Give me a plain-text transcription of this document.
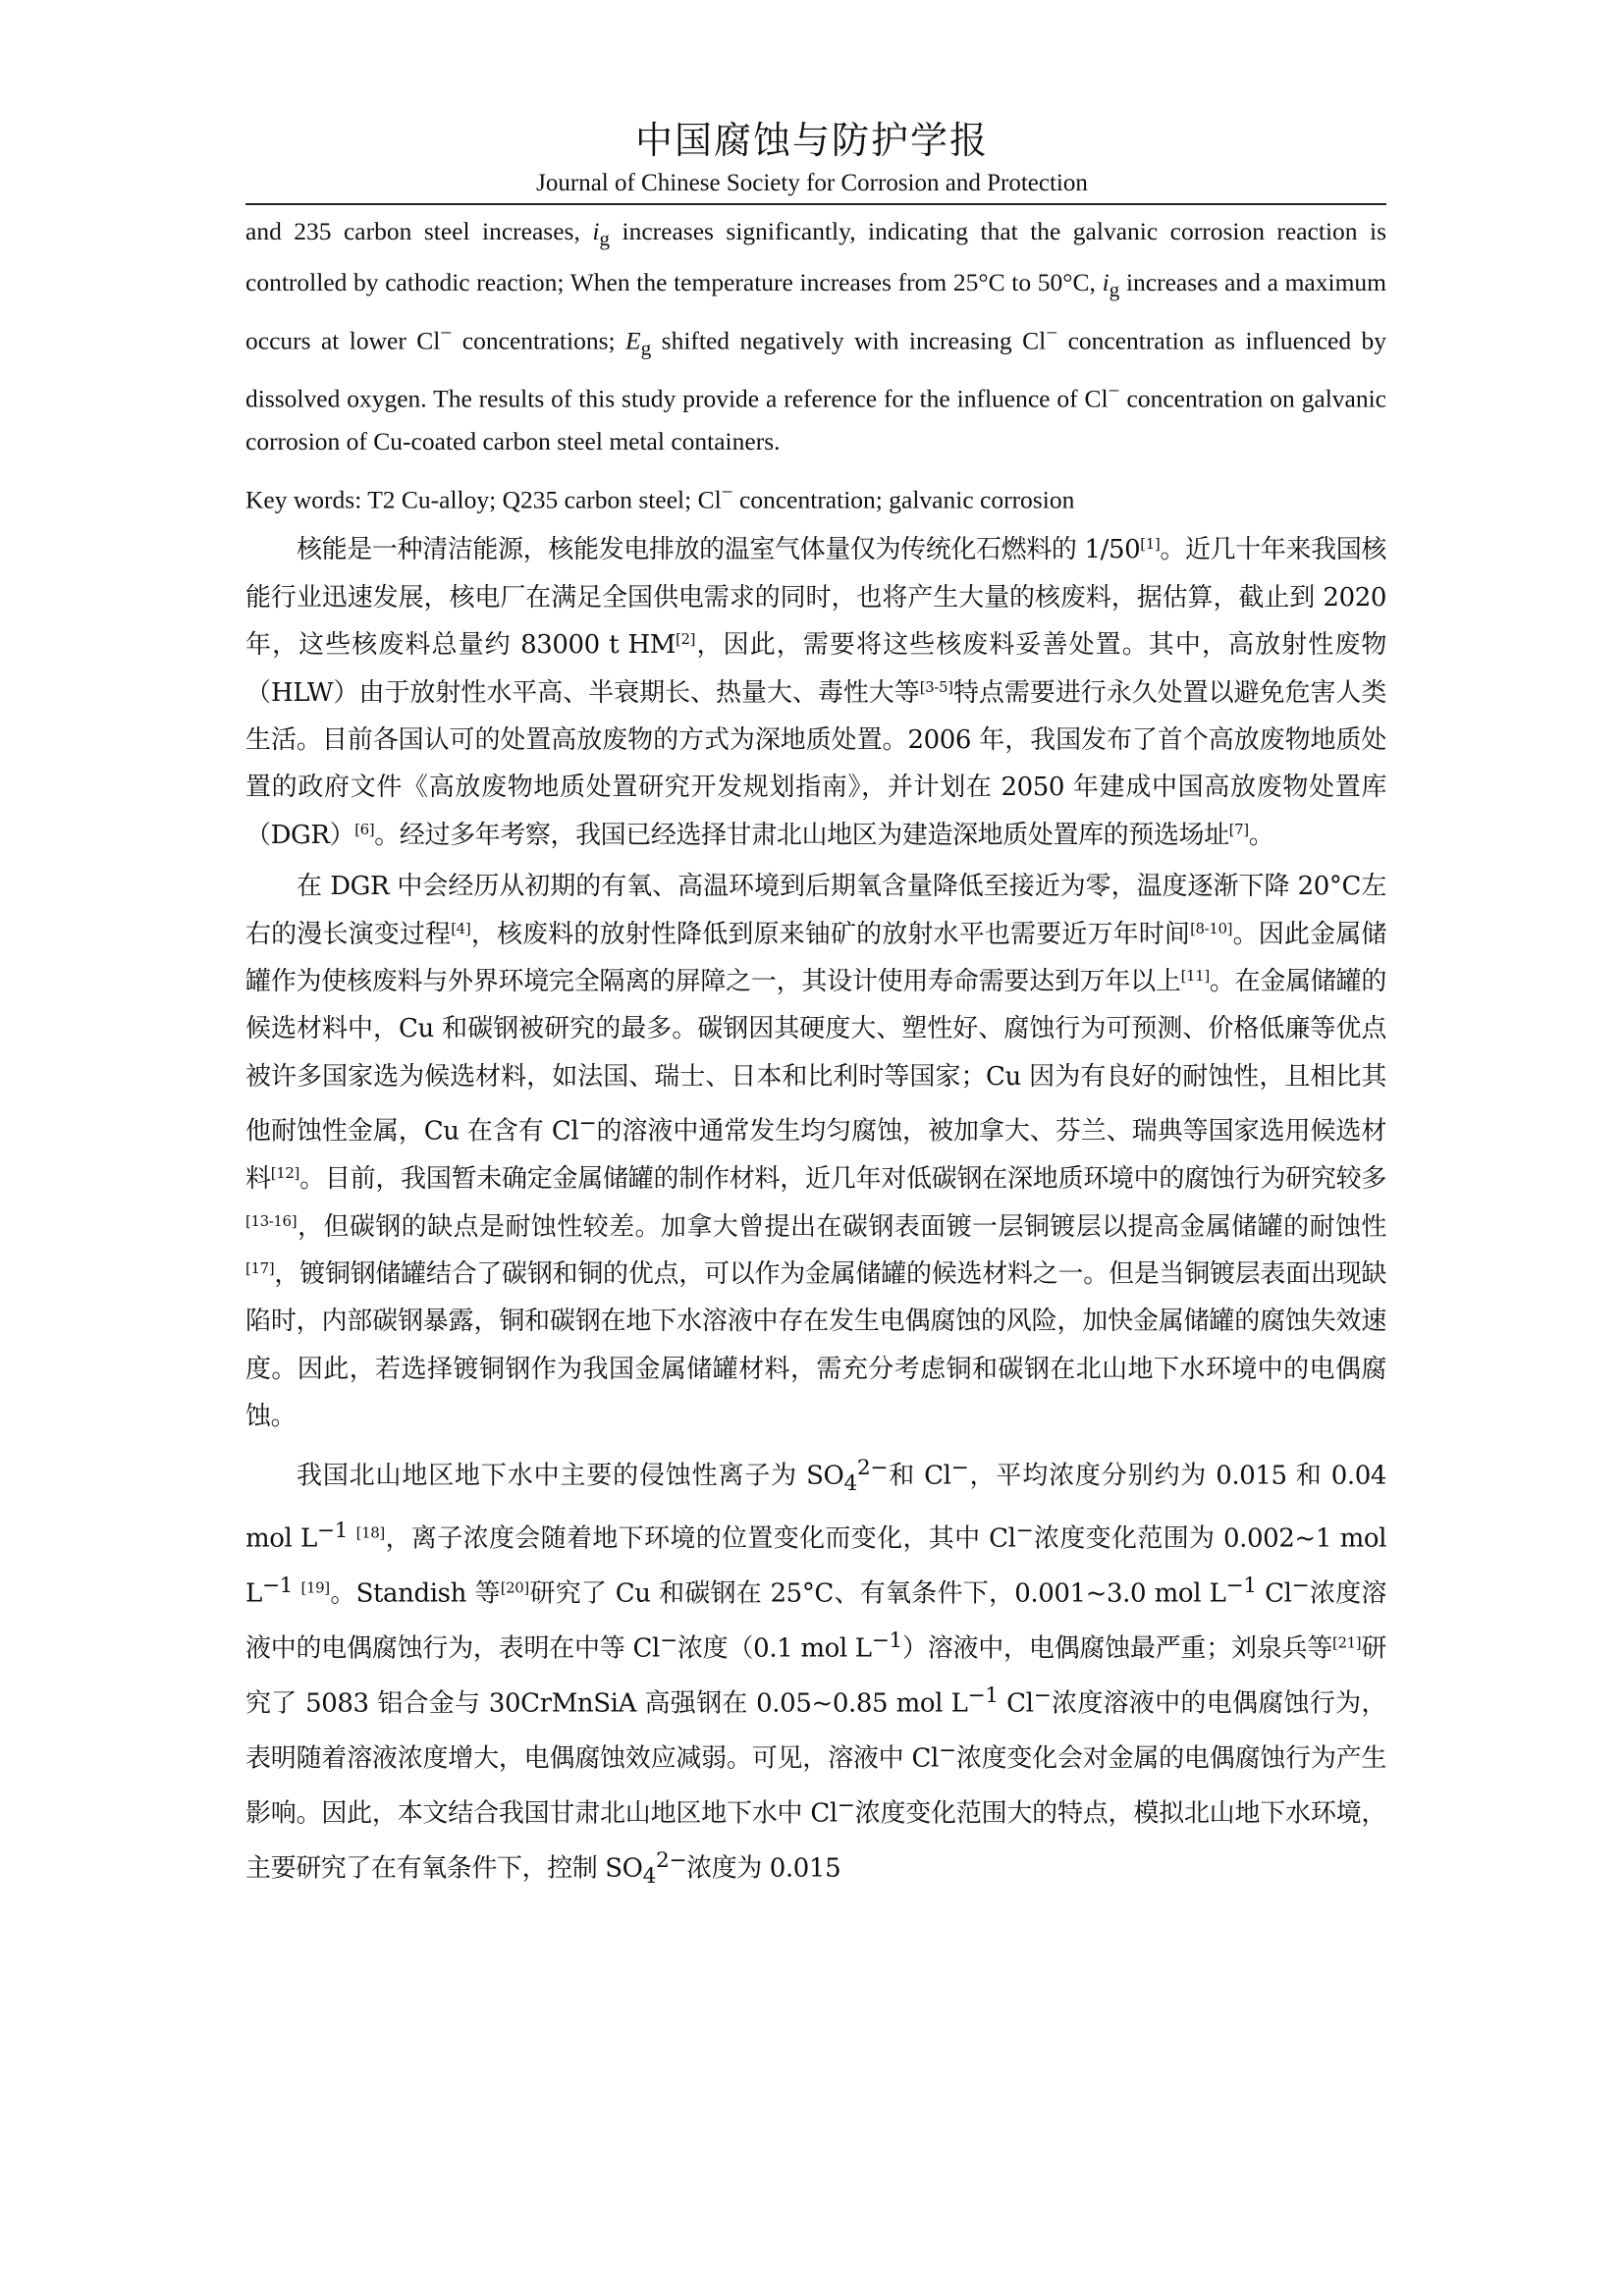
中国腐蚀与防护学报
Journal of Chinese Society for Corrosion and Protection

and 235 carbon steel increases, $i_g$ increases significantly, indicating that the galvanic corrosion reaction is controlled by cathodic reaction; When the temperature increases from 25°C to 50°C, $i_g$ increases and a maximum occurs at lower Cl− concentrations; $E_g$ shifted negatively with increasing Cl− concentration as influenced by dissolved oxygen. The results of this study provide a reference for the influence of Cl− concentration on galvanic corrosion of Cu-coated carbon steel metal containers.

Key words: T2 Cu-alloy; Q235 carbon steel; Cl− concentration; galvanic corrosion

核能是一种清洁能源，核能发电排放的温室气体量仅为传统化石燃料的 1/50[1]。近几十年来我国核能行业迅速发展，核电厂在满足全国供电需求的同时，也将产生大量的核废料，据估算，截止到 2020 年，这些核废料总量约 83000 t HM[2]，因此，需要将这些核废料妥善处置。其中，高放射性废物（HLW）由于放射性水平高、半衰期长、热量大、毒性大等[3-5]特点需要进行永久处置以避免危害人类生活。目前各国认可的处置高放废物的方式为深地质处置。2006 年，我国发布了首个高放废物地质处置的政府文件《高放废物地质处置研究开发规划指南》，并计划在 2050 年建成中国高放废物处置库（DGR）[6]。经过多年考察，我国已经选择甘肃北山地区为建造深地质处置库的预选场址[7]。

在 DGR 中会经历从初期的有氧、高温环境到后期氧含量降低至接近为零，温度逐渐下降 20°C左右的漫长演变过程[4]，核废料的放射性降低到原来铀矿的放射水平也需要近万年时间[8-10]。因此金属储罐作为使核废料与外界环境完全隔离的屏障之一，其设计使用寿命需要达到万年以上[11]。在金属储罐的候选材料中，Cu 和碳钢被研究的最多。碳钢因其硬度大、塑性好、腐蚀行为可预测、价格低廉等优点被许多国家选为候选材料，如法国、瑞士、日本和比利时等国家；Cu 因为有良好的耐蚀性，且相比其他耐蚀性金属，Cu 在含有 Cl−的溶液中通常发生均匀腐蚀，被加拿大、芬兰、瑞典等国家选用候选材料[12]。目前，我国暂未确定金属储罐的制作材料，近几年对低碳钢在深地质环境中的腐蚀行为研究较多[13-16]，但碳钢的缺点是耐蚀性较差。加拿大曾提出在碳钢表面镀一层铜镀层以提高金属储罐的耐蚀性[17]，镀铜钢储罐结合了碳钢和铜的优点，可以作为金属储罐的候选材料之一。但是当铜镀层表面出现缺陷时，内部碳钢暴露，铜和碳钢在地下水溶液中存在发生电偶腐蚀的风险，加快金属储罐的腐蚀失效速度。因此，若选择镀铜钢作为我国金属储罐材料，需充分考虑铜和碳钢在北山地下水环境中的电偶腐蚀。

我国北山地区地下水中主要的侵蚀性离子为 $SO_4^{2-}$和 Cl−，平均浓度分别约为 0.015 和 0.04 mol $L^{-1}$ [18]，离子浓度会随着地下环境的位置变化而变化，其中 Cl−浓度变化范围为 0.002~1 mol $L^{-1}$ [19]。Standish 等[20]研究了 Cu 和碳钢在 25°C、有氧条件下，0.001~3.0 mol $L^{-1}$ Cl−浓度溶液中的电偶腐蚀行为，表明在中等 Cl−浓度（0.1 mol $L^{-1}$）溶液中，电偶腐蚀最严重；刘泉兵等[21]研究了 5083 铝合金与 30CrMnSiA 高强钢在 0.05~0.85 mol $L^{-1}$ Cl−浓度溶液中的电偶腐蚀行为，表明随着溶液浓度增大，电偶腐蚀效应减弱。可见，溶液中 Cl−浓度变化会对金属的电偶腐蚀行为产生影响。因此，本文结合我国甘肃北山地区地下水中 Cl−浓度变化范围大的特点，模拟北山地下水环境，主要研究了在有氧条件下，控制 $SO_4^{2-}$浓度为 0.015
